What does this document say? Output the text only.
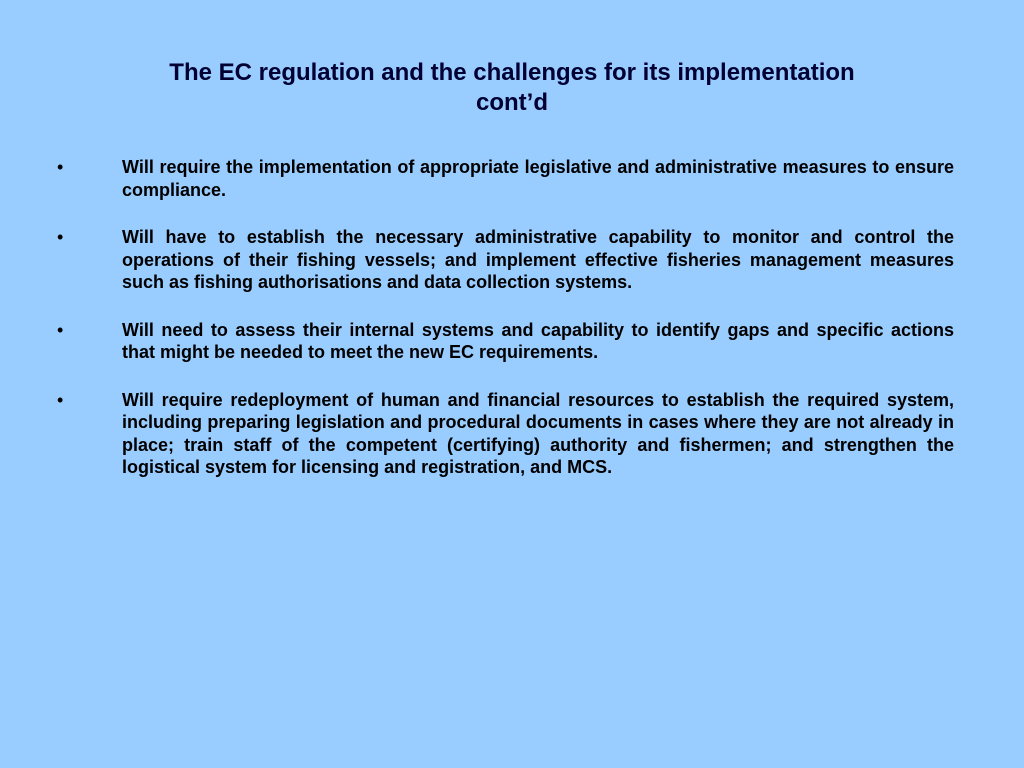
The EC regulation and the challenges for its implementation
cont’d
•	Will require the implementation of appropriate legislative and administrative measures to ensure compliance.
•	Will have to establish the necessary administrative capability to monitor and control the operations of their fishing vessels; and implement effective fisheries management measures such as fishing authorisations and data collection systems.
•	Will need to assess their internal systems and capability to identify gaps and specific actions that might be needed to meet the new EC requirements.
•	Will require redeployment of human and financial resources to establish the required system, including preparing legislation and procedural documents in cases where they are not already in place; train staff of the competent (certifying) authority and fishermen; and strengthen the logistical system for licensing and registration, and MCS.
